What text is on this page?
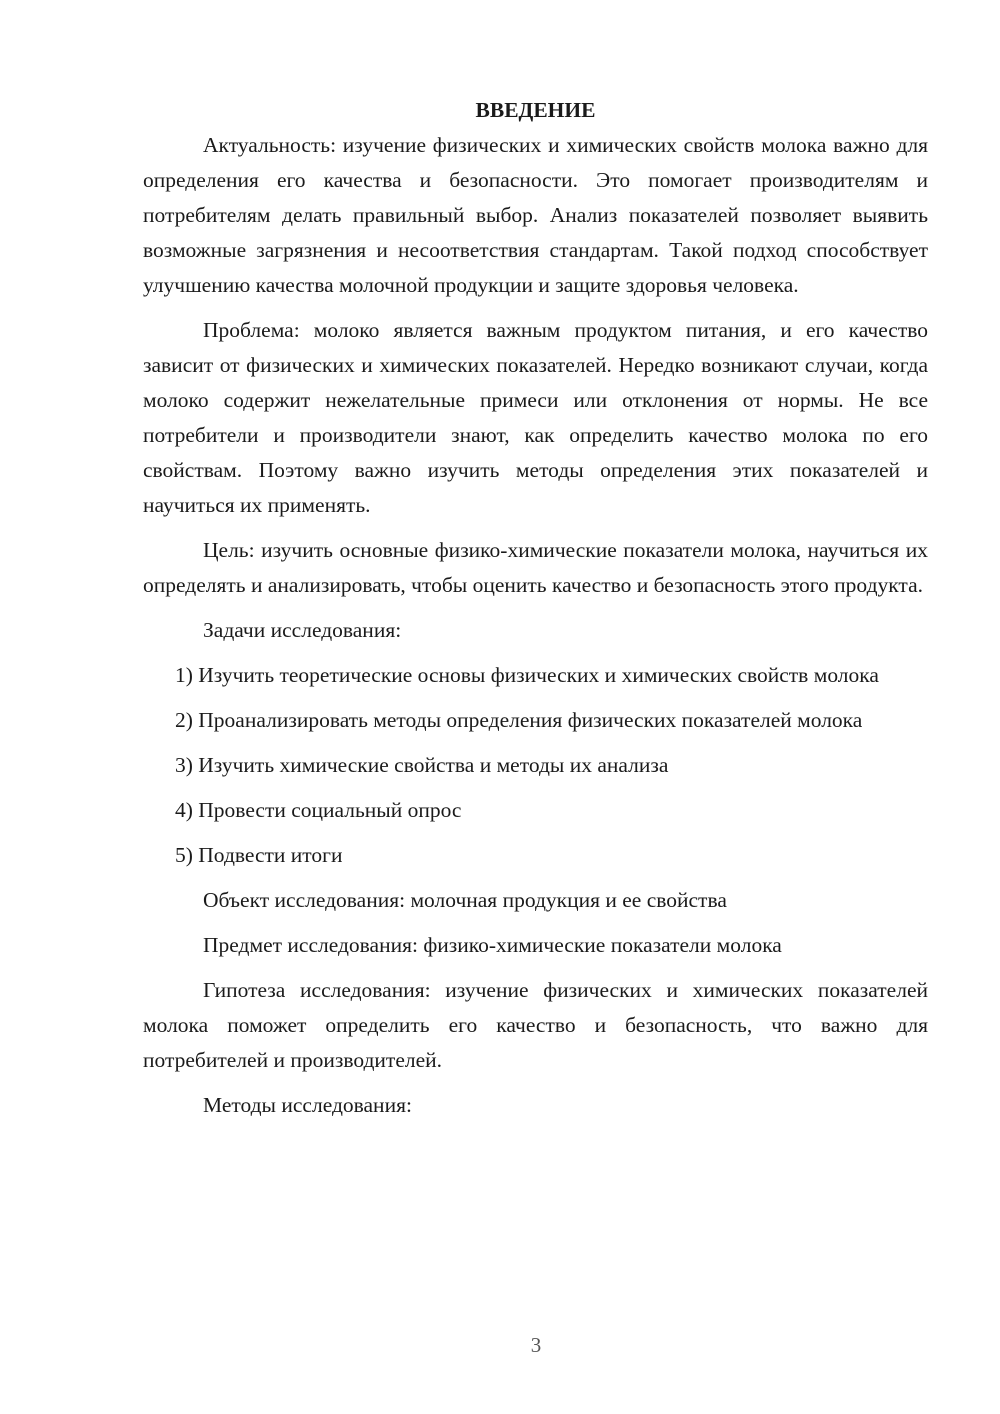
ВВЕДЕНИЕ

Актуальность: изучение физических и химических свойств молока важно для определения его качества и безопасности. Это помогает производителям и потребителям делать правильный выбор. Анализ показателей позволяет выявить возможные загрязнения и несоответствия стандартам. Такой подход способствует улучшению качества молочной продукции и защите здоровья человека.

Проблема: молоко является важным продуктом питания, и его качество зависит от физических и химических показателей. Нередко возникают случаи, когда молоко содержит нежелательные примеси или отклонения от нормы. Не все потребители и производители знают, как определить качество молока по его свойствам. Поэтому важно изучить методы определения этих показателей и научиться их применять.

Цель: изучить основные физико-химические показатели молока, научиться их определять и анализировать, чтобы оценить качество и безопасность этого продукта.

Задачи исследования:

1) Изучить теоретические основы физических и химических свойств молока

2) Проанализировать методы определения физических показателей молока

3) Изучить химические свойства и методы их анализа

4) Провести социальный опрос

5) Подвести итоги

Объект исследования: молочная продукция и ее свойства

Предмет исследования: физико-химические показатели молока

Гипотеза исследования: изучение физических и химических показателей молока поможет определить его качество и безопасность, что важно для потребителей и производителей.

Методы исследования:

3
